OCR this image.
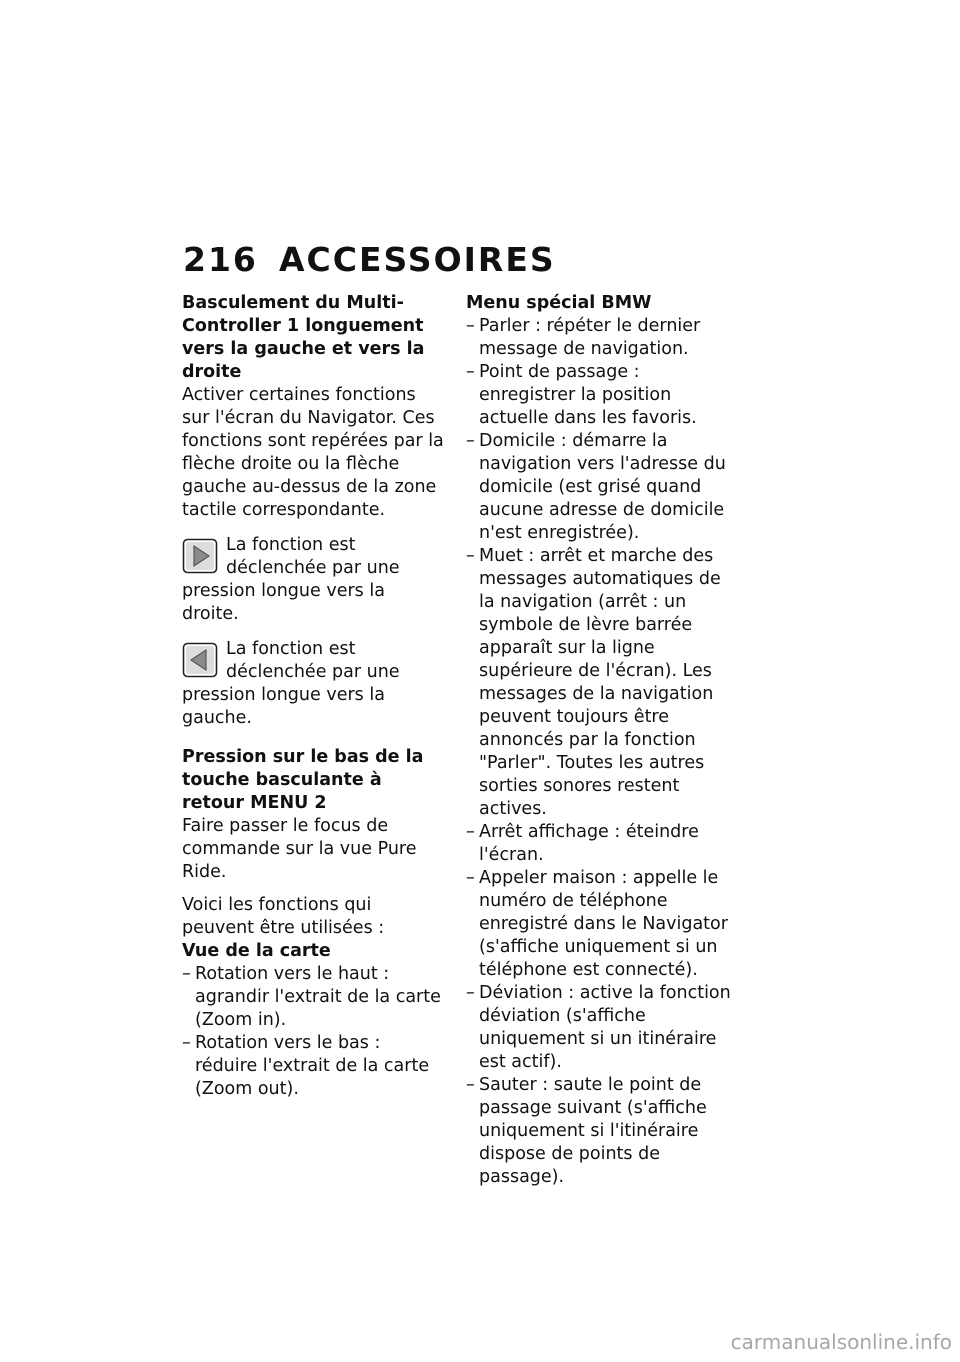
216 ACCESSOIRES
Basculement du Multi-Controller 1 longuement vers la gauche et vers la droite
Activer certaines fonctions sur l'écran du Navigator. Ces fonctions sont repérées par la flèche droite ou la flèche gauche au-dessus de la zone tactile correspondante.
La fonction est déclenchée par une pression longue vers la droite.
La fonction est déclenchée par une pression longue vers la gauche.
Pression sur le bas de la touche basculante à retour MENU 2
Faire passer le focus de commande sur la vue Pure Ride.
Voici les fonctions qui peuvent être utilisées :
Vue de la carte
– Rotation vers le haut : agrandir l'extrait de la carte (Zoom in).
– Rotation vers le bas : réduire l'extrait de la carte (Zoom out).
Menu spécial BMW
– Parler : répéter le dernier message de navigation.
– Point de passage : enregistrer la position actuelle dans les favoris.
– Domicile : démarre la navigation vers l'adresse du domicile (est grisé quand aucune adresse de domicile n'est enregistrée).
– Muet : arrêt et marche des messages automatiques de la navigation (arrêt : un symbole de lèvre barrée apparaît sur la ligne supérieure de l'écran). Les messages de la navigation peuvent toujours être annoncés par la fonction "Parler". Toutes les autres sorties sonores restent actives.
– Arrêt affichage : éteindre l'écran.
– Appeler maison : appelle le numéro de téléphone enregistré dans le Navigator (s'affiche uniquement si un téléphone est connecté).
– Déviation : active la fonction déviation (s'affiche uniquement si un itinéraire est actif).
– Sauter : saute le point de passage suivant (s'affiche uniquement si l'itinéraire dispose de points de passage).
carmanualsonline.info
